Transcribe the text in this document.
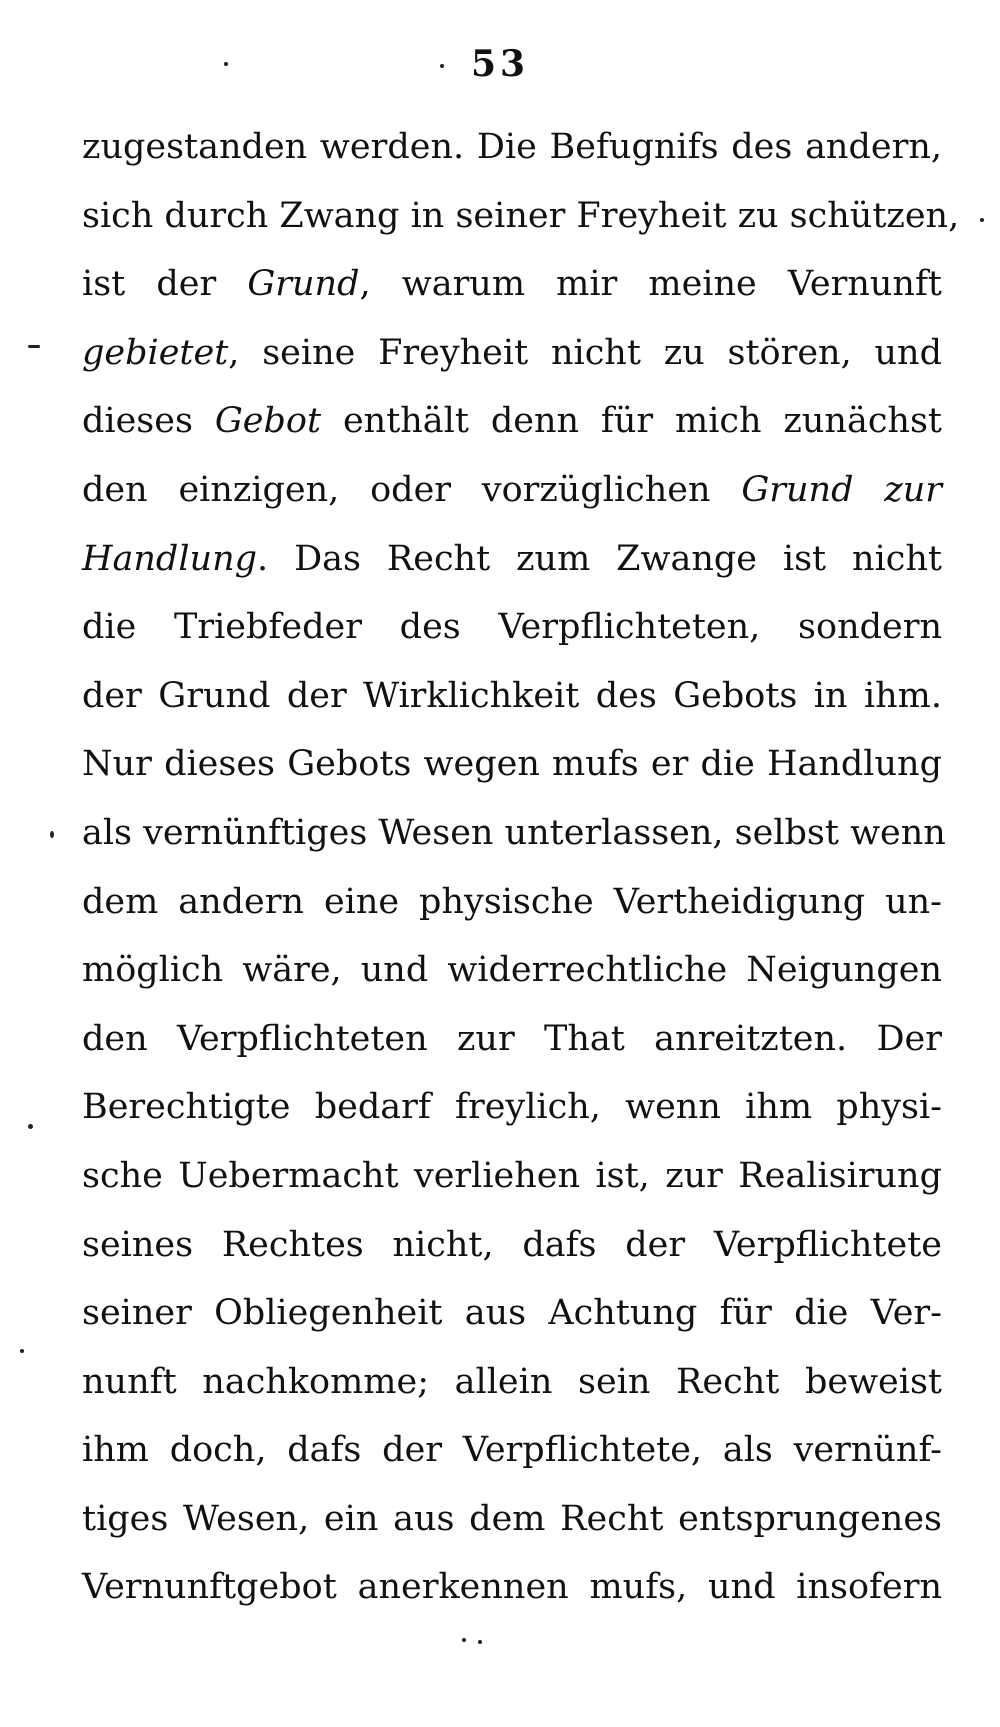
53
zugestanden werden. Die Befugnifs des andern,
sich durch Zwang in seiner Freyheit zu schützen,
ist der Grund, warum mir meine Vernunft
gebietet, seine Freyheit nicht zu stören, und
dieses Gebot enthält denn für mich zunächst
den einzigen, oder vorzüglichen Grund zur
Handlung. Das Recht zum Zwange ist nicht
die Triebfeder des Verpflichteten, sondern
der Grund der Wirklichkeit des Gebots in ihm.
Nur dieses Gebots wegen mufs er die Handlung
als vernünftiges Wesen unterlassen, selbst wenn
dem andern eine physische Vertheidigung un-
möglich wäre, und widerrechtliche Neigungen
den Verpflichteten zur That anreitzten. Der
Berechtigte bedarf freylich, wenn ihm physi-
sche Uebermacht verliehen ist, zur Realisirung
seines Rechtes nicht, dafs der Verpflichtete
seiner Obliegenheit aus Achtung für die Ver-
nunft nachkomme; allein sein Recht beweist
ihm doch, dafs der Verpflichtete, als vernünf-
tiges Wesen, ein aus dem Recht entsprungenes
Vernunftgebot anerkennen mufs, und insofern
